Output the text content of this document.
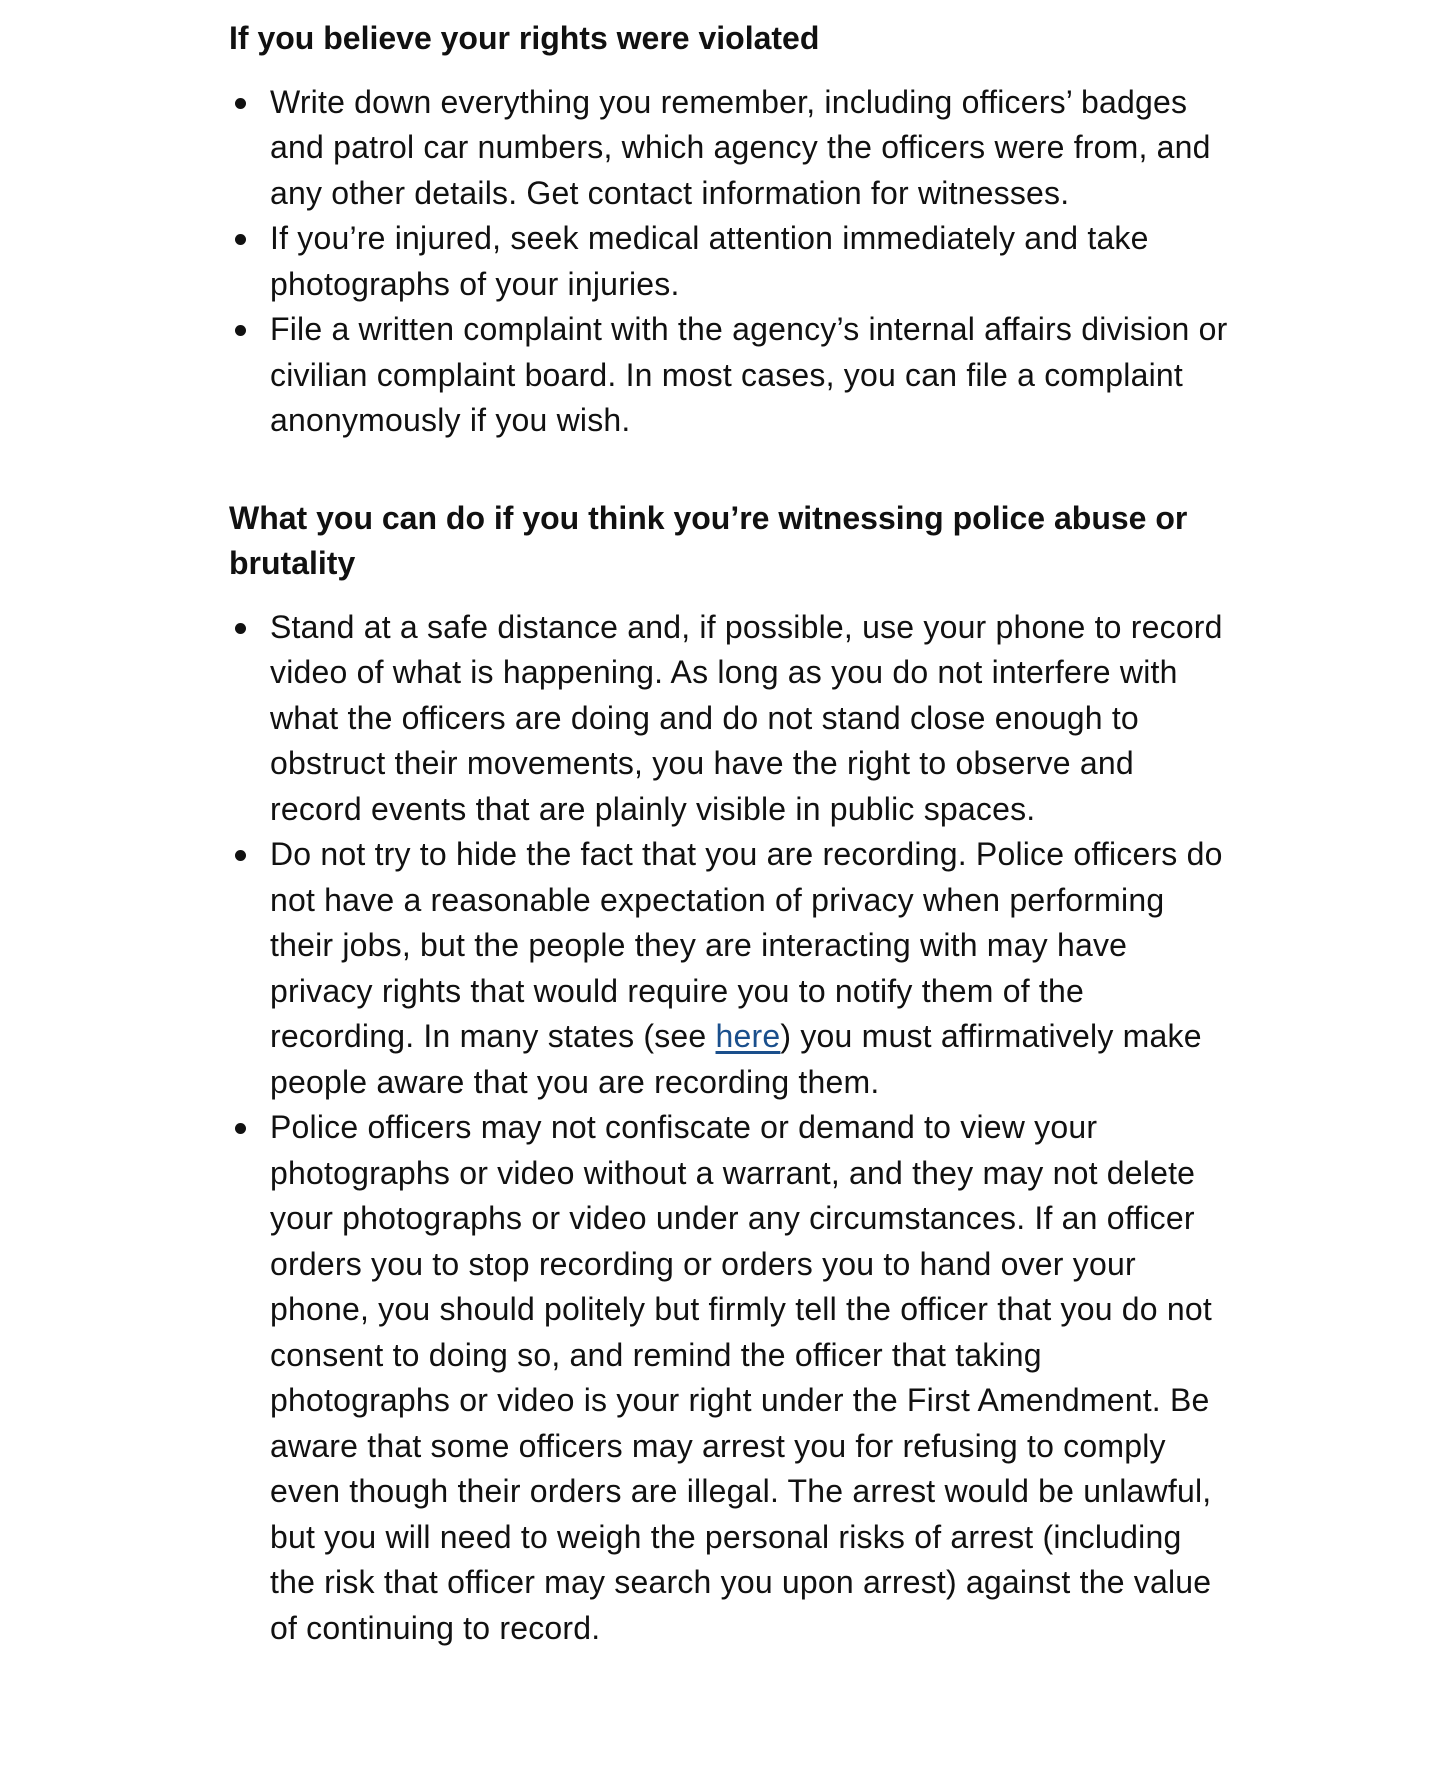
If you believe your rights were violated
Write down everything you remember, including officers’ badges and patrol car numbers, which agency the officers were from, and any other details. Get contact information for witnesses.
If you’re injured, seek medical attention immediately and take photographs of your injuries.
File a written complaint with the agency’s internal affairs division or civilian complaint board. In most cases, you can file a complaint anonymously if you wish.
What you can do if you think you’re witnessing police abuse or brutality
Stand at a safe distance and, if possible, use your phone to record video of what is happening. As long as you do not interfere with what the officers are doing and do not stand close enough to obstruct their movements, you have the right to observe and record events that are plainly visible in public spaces.
Do not try to hide the fact that you are recording. Police officers do not have a reasonable expectation of privacy when performing their jobs, but the people they are interacting with may have privacy rights that would require you to notify them of the recording. In many states (see here) you must affirmatively make people aware that you are recording them.
Police officers may not confiscate or demand to view your photographs or video without a warrant, and they may not delete your photographs or video under any circumstances. If an officer orders you to stop recording or orders you to hand over your phone, you should politely but firmly tell the officer that you do not consent to doing so, and remind the officer that taking photographs or video is your right under the First Amendment. Be aware that some officers may arrest you for refusing to comply even though their orders are illegal. The arrest would be unlawful, but you will need to weigh the personal risks of arrest (including the risk that officer may search you upon arrest) against the value of continuing to record.
